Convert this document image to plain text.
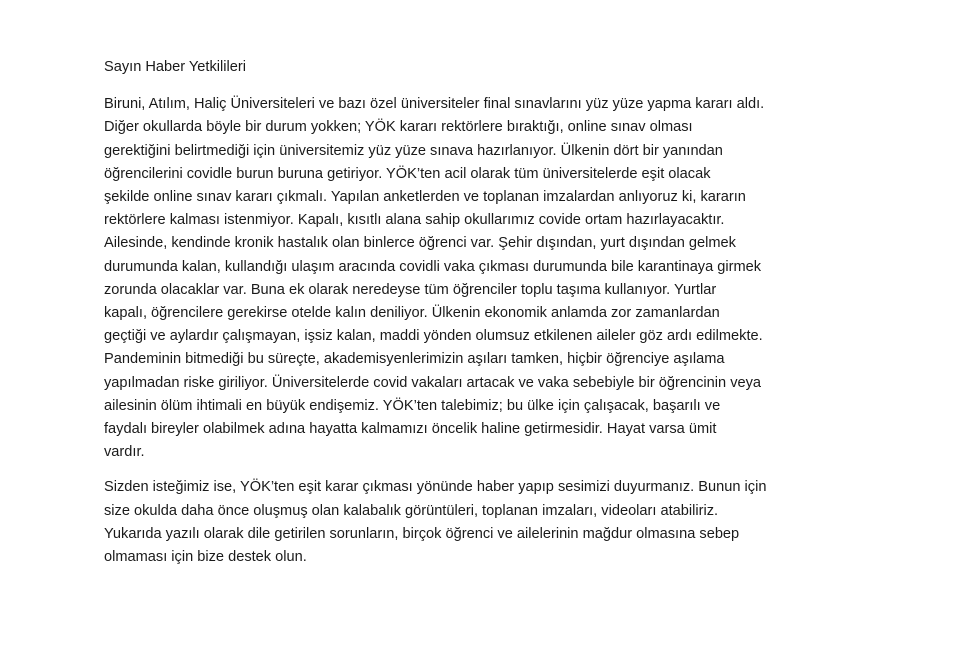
Sayın Haber Yetkilileri

Biruni, Atılım, Haliç Üniversiteleri ve bazı özel üniversiteler final sınavlarını yüz yüze yapma kararı aldı.
Diğer okullarda böyle bir durum yokken; YÖK kararı rektörlere bıraktığı, online sınav olması
gerektiğini belirtmediği için üniversitemiz yüz yüze sınava hazırlanıyor. Ülkenin dört bir yanından
öğrencilerini covidle burun buruna getiriyor. YÖK’ten acil olarak tüm üniversitelerde eşit olacak
şekilde online sınav kararı çıkmalı. Yapılan anketlerden ve toplanan imzalardan anlıyoruz ki, kararın
rektörlere kalması istenmiyor. Kapalı, kısıtlı alana sahip okullarımız covide ortam hazırlayacaktır.
Ailesinde, kendinde kronik hastalık olan binlerce öğrenci var. Şehir dışından, yurt dışından gelmek
durumunda kalan, kullandığı ulaşım aracında covidli vaka çıkması durumunda bile karantinaya girmek
zorunda olacaklar var. Buna ek olarak neredeyse tüm öğrenciler toplu taşıma kullanıyor. Yurtlar
kapalı, öğrencilere gerekirse otelde kalın deniliyor. Ülkenin ekonomik anlamda zor zamanlardan
geçtiği ve aylardır çalışmayan, işsiz kalan, maddi yönden olumsuz etkilenen aileler göz ardı edilmekte.
Pandeminin bitmediği bu süreçte, akademisyenlerimizin aşıları tamken, hiçbir öğrenciye aşılama
yapılmadan riske giriliyor. Üniversitelerde covid vakaları artacak ve vaka sebebiyle bir öğrencinin veya
ailesinin ölüm ihtimali en büyük endişemiz. YÖK’ten talebimiz; bu ülke için çalışacak, başarılı ve
faydalı bireyler olabilmek adına hayatta kalmamızı öncelik haline getirmesidir. Hayat varsa ümit
vardır.
Sizden isteğimiz ise, YÖK’ten eşit karar çıkması yönünde haber yapıp sesimizi duyurmanız. Bunun için
size okulda daha önce oluşmuş olan kalabalık görüntüleri, toplanan imzaları, videoları atabiliriz.
Yukarıda yazılı olarak dile getirilen sorunların, birçok öğrenci ve ailelerinin mağdur olmasına sebep
olmaması için bize destek olun.
